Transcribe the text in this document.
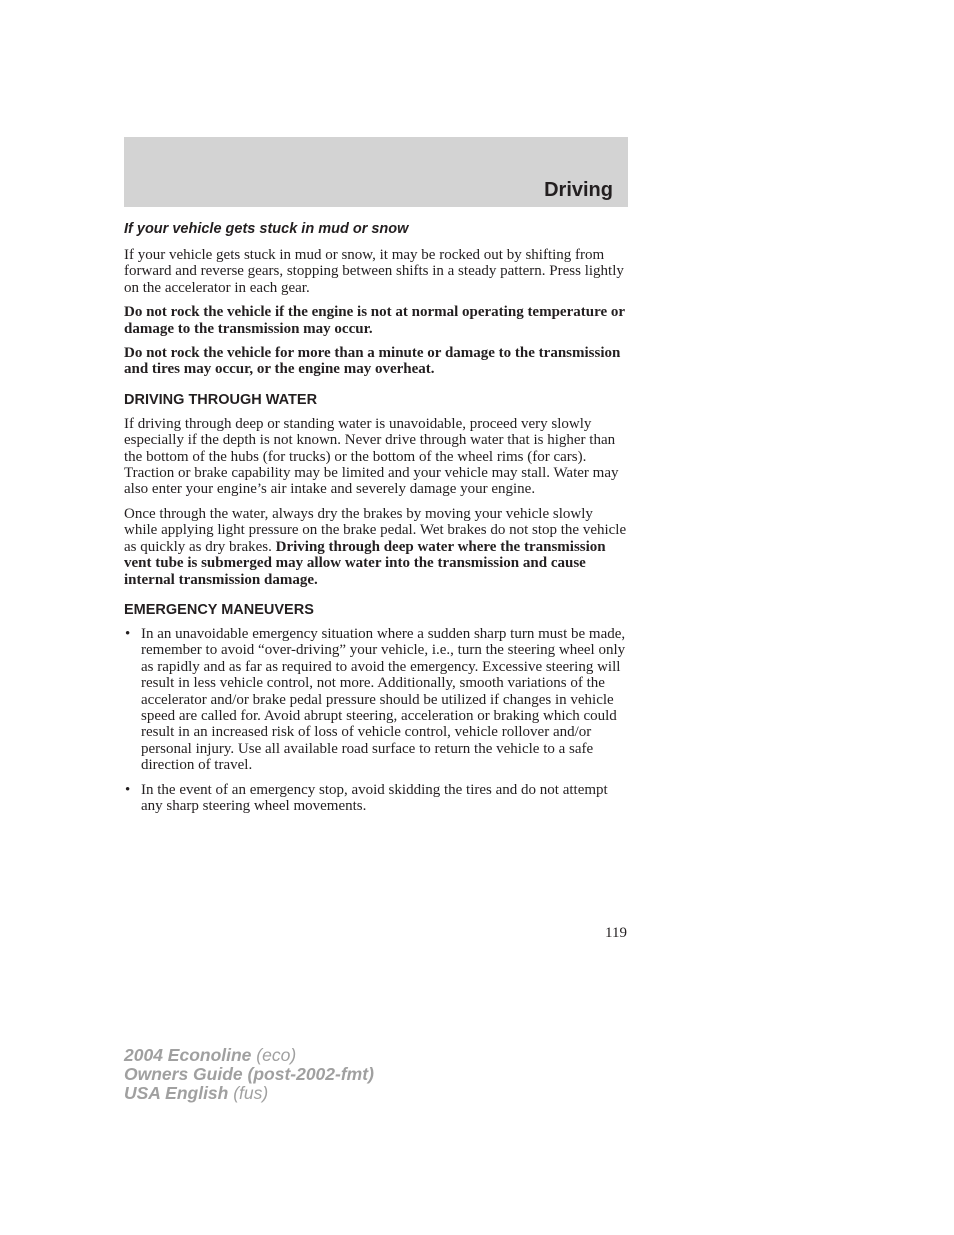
Driving
If your vehicle gets stuck in mud or snow

If your vehicle gets stuck in mud or snow, it may be rocked out by shifting from forward and reverse gears, stopping between shifts in a steady pattern. Press lightly on the accelerator in each gear.

Do not rock the vehicle if the engine is not at normal operating temperature or damage to the transmission may occur.

Do not rock the vehicle for more than a minute or damage to the transmission and tires may occur, or the engine may overheat.

DRIVING THROUGH WATER

If driving through deep or standing water is unavoidable, proceed very slowly especially if the depth is not known. Never drive through water that is higher than the bottom of the hubs (for trucks) or the bottom of the wheel rims (for cars). Traction or brake capability may be limited and your vehicle may stall. Water may also enter your engine’s air intake and severely damage your engine.

Once through the water, always dry the brakes by moving your vehicle slowly while applying light pressure on the brake pedal. Wet brakes do not stop the vehicle as quickly as dry brakes. Driving through deep water where the transmission vent tube is submerged may allow water into the transmission and cause internal transmission damage.

EMERGENCY MANEUVERS
• In an unavoidable emergency situation where a sudden sharp turn must be made, remember to avoid “over-driving” your vehicle, i.e., turn the steering wheel only as rapidly and as far as required to avoid the emergency. Excessive steering will result in less vehicle control, not more. Additionally, smooth variations of the accelerator and/or brake pedal pressure should be utilized if changes in vehicle speed are called for. Avoid abrupt steering, acceleration or braking which could result in an increased risk of loss of vehicle control, vehicle rollover and/or personal injury. Use all available road surface to return the vehicle to a safe direction of travel.
• In the event of an emergency stop, avoid skidding the tires and do not attempt any sharp steering wheel movements.
119
2004 Econoline (eco)
Owners Guide (post-2002-fmt)
USA English (fus)
